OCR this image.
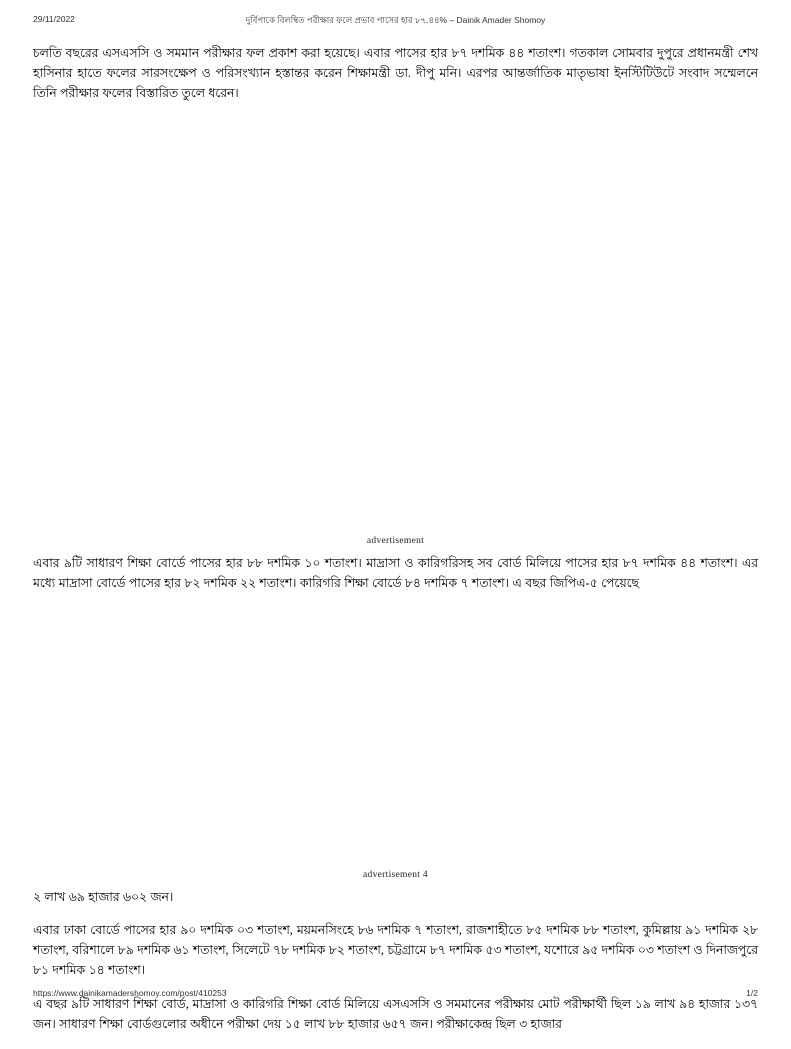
29/11/2022	দুর্বিপাকে বিলম্বিত পরীক্ষার ফলে প্রভাব পাসের হার ৮৭.৪৪% – Dainik Amader Shomoy

চলতি বছরের এসএসসি ও সমমান পরীক্ষার ফল প্রকাশ করা হয়েছে। এবার পাসের হার ৮৭ দশমিক ৪৪ শতাংশ। গতকাল সোমবার দুপুরে প্রধানমন্ত্রী শেখ হাসিনার হাতে ফলের সারসংক্ষেপ ও পরিসংখ্যান হস্তান্তর করেন শিক্ষামন্ত্রী ডা. দীপু মনি। এরপর আন্তর্জাতিক মাতৃভাষা ইনস্টিটিউটে সংবাদ সম্মেলনে তিনি পরীক্ষার ফলের বিস্তারিত তুলে ধরেন।

advertisement

এবার ৯টি সাধারণ শিক্ষা বোর্ডে পাসের হার ৮৮ দশমিক ১০ শতাংশ। মাদ্রাসা ও কারিগরিসহ সব বোর্ড মিলিয়ে পাসের হার ৮৭ দশমিক ৪৪ শতাংশ। এর মধ্যে মাদ্রাসা বোর্ডে পাসের হার ৮২ দশমিক ২২ শতাংশ। কারিগরি শিক্ষা বোর্ডে ৮৪ দশমিক ৭ শতাংশ। এ বছর জিপিএ-৫ পেয়েছে

advertisement 4

২ লাখ ৬৯ হাজার ৬০২ জন।

এবার ঢাকা বোর্ডে পাসের হার ৯০ দশমিক ০৩ শতাংশ, ময়মনসিংহে ৮৬ দশমিক ৭ শতাংশ, রাজশাহীতে ৮৫ দশমিক ৮৮ শতাংশ, কুমিল্লায় ৯১ দশমিক ২৮ শতাংশ, বরিশালে ৮৯ দশমিক ৬১ শতাংশ, সিলেটে ৭৮ দশমিক ৮২ শতাংশ, চট্টগ্রামে ৮৭ দশমিক ৫৩ শতাংশ, যশোরে ৯৫ দশমিক ০৩ শতাংশ ও দিনাজপুরে ৮১ দশমিক ১৪ শতাংশ।

এ বছর ৯টি সাধারণ শিক্ষা বোর্ড, মাদ্রাসা ও কারিগরি শিক্ষা বোর্ড মিলিয়ে এসএসসি ও সমমানের পরীক্ষায় মোট পরীক্ষার্থী ছিল ১৯ লাখ ৯৪ হাজার ১৩৭ জন। সাধারণ শিক্ষা বোর্ডগুলোর অধীনে পরীক্ষা দেয় ১৫ লাখ ৮৮ হাজার ৬৫৭ জন। পরীক্ষাকেন্দ্র ছিল ৩ হাজার

https://www.dainikamadershomoy.com/post/410253	1/2
